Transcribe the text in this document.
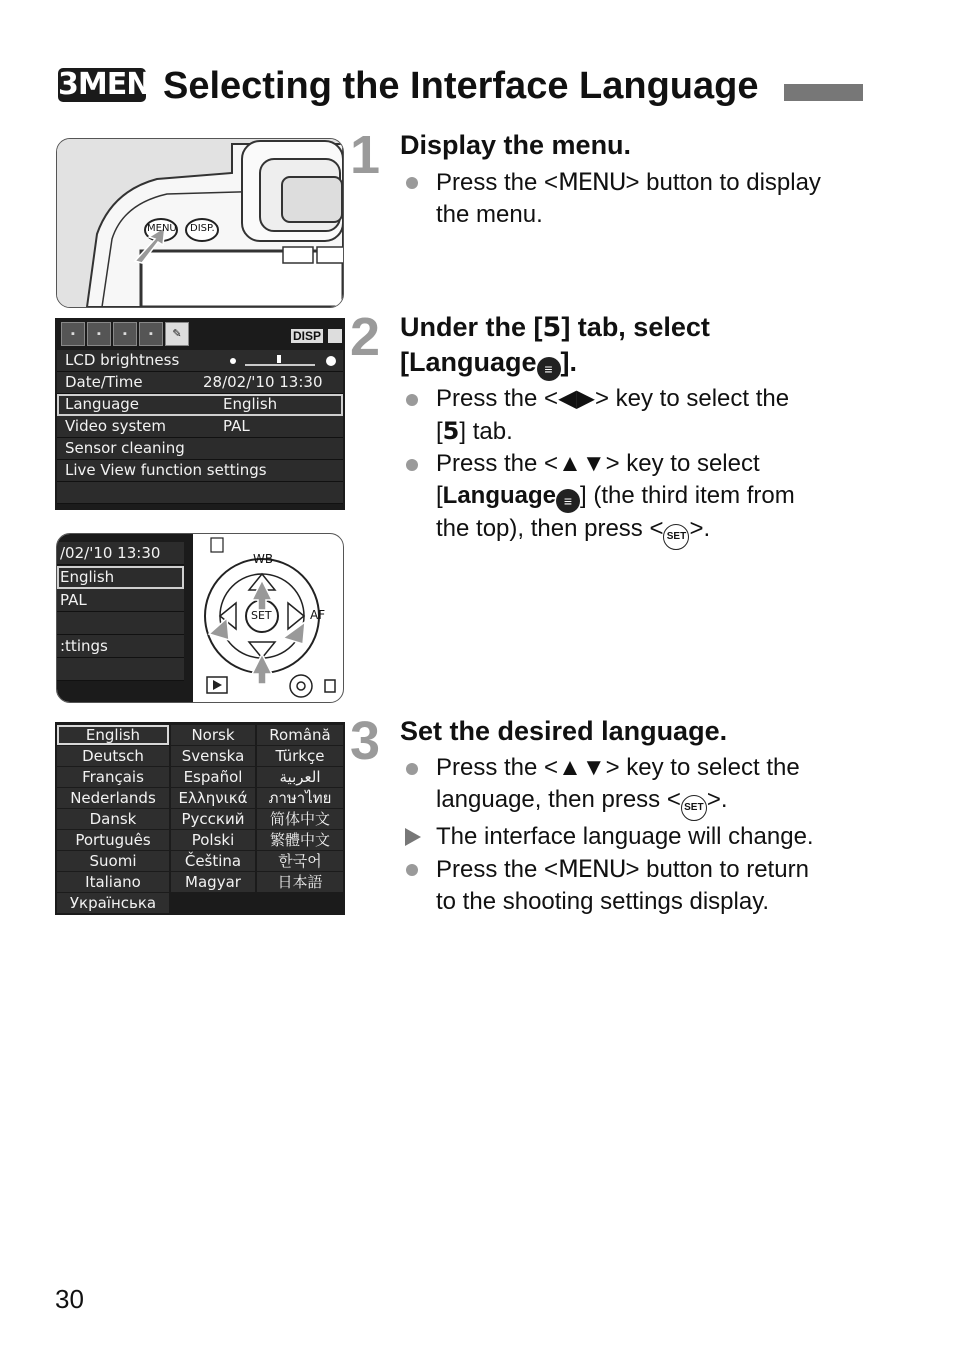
3MENU
Selecting the Interface Language
MENU DISP.
1 Display the menu.
Press the <MENU> button to display
the menu.
▪	▪	▪	▪	✎	DISP
LCD brightness
Date/Time	28/02/'10 13:30
Language	English
Video system	PAL
Sensor cleaning
Live View function settings
2 Under the [5] tab, select
[Language ≡ ].
Press the <◀▶> key to select the
[5] tab.
Press the <▲▼> key to select
[Language ≡ ] (the third item from
the top), then press < SET >.
/02/'10 13:30
English
PAL
:ttings
WB
AF
SET
English	Norsk	Română
Deutsch	Svenska	Türkçe
Français	Español	العربية
Nederlands	Ελληνικά	ภาษาไทย
Dansk	Русский	简体中文
Português	Polski	繁體中文
Suomi	Čeština	한국어
Italiano	Magyar	日本語
Українська
3 Set the desired language.
Press the <▲▼> key to select the
language, then press < SET >.
The interface language will change.
Press the <MENU> button to return
to the shooting settings display.
30
